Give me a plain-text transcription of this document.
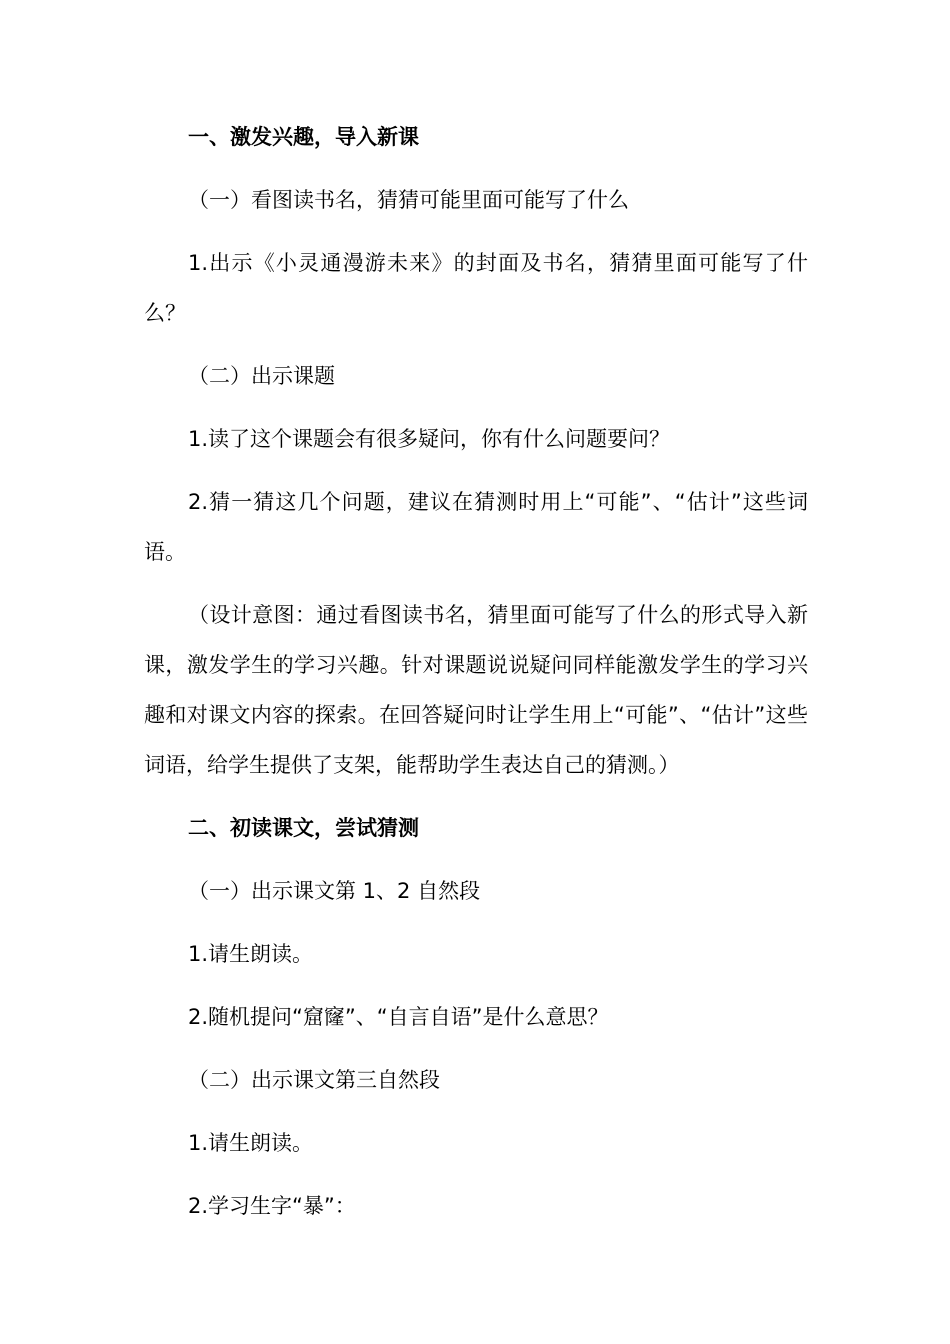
一、激发兴趣，导入新课

（一）看图读书名，猜猜可能里面可能写了什么

1.出示《小灵通漫游未来》的封面及书名，猜猜里面可能写了什么？

（二）出示课题

1.读了这个课题会有很多疑问，你有什么问题要问？

2.猜一猜这几个问题，建议在猜测时用上“可能”、“估计”这些词语。

（设计意图：通过看图读书名，猜里面可能写了什么的形式导入新课，激发学生的学习兴趣。针对课题说说疑问同样能激发学生的学习兴趣和对课文内容的探索。在回答疑问时让学生用上“可能”、“估计”这些词语，给学生提供了支架，能帮助学生表达自己的猜测。）

二、初读课文，尝试猜测

（一）出示课文第 1、2 自然段

1.请生朗读。

2.随机提问“窟窿”、“自言自语”是什么意思？

（二）出示课文第三自然段

1.请生朗读。

2.学习生字“暴”：
